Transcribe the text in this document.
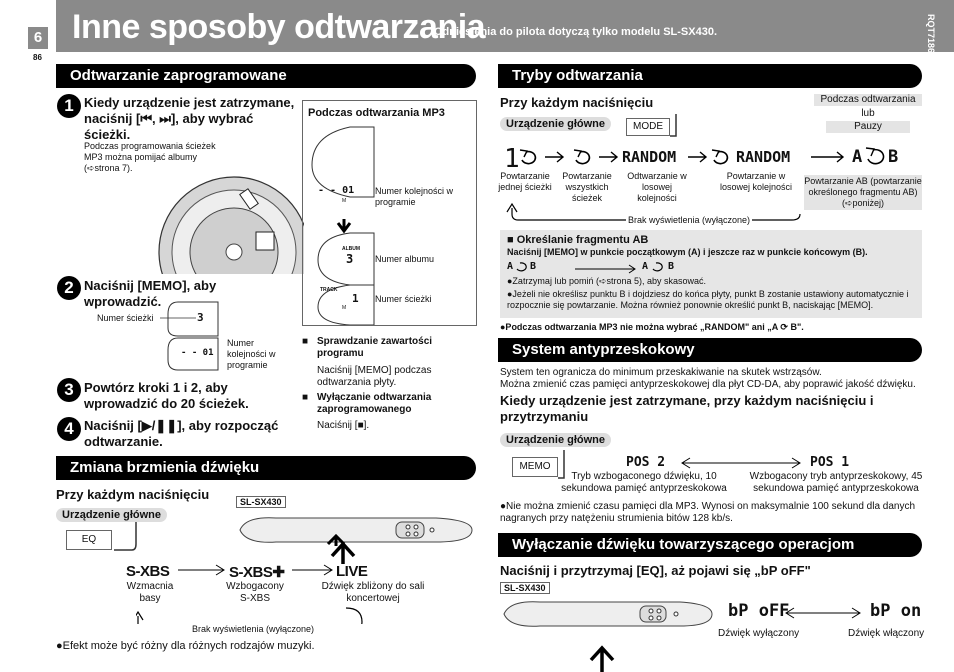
6
86
Inne sposoby odtwarzania
Odniesienia do pilota dotyczą tylko modelu SL-SX430.	RQT7186
Odtwarzanie zaprogramowane
1 Kiedy urządzenie jest zatrzymane, naciśnij [⏮, ⏭], aby wybrać ścieżki.
Podczas programowania ścieżek MP3 można pomijać albumy (➪strona 7).
2 Naciśnij [MEMO], aby wprowadzić.
Numer ścieżki	3
- - 01
Numer kolejności w programie
3 Powtórz kroki 1 i 2, aby wprowadzić do 20 ścieżek.
4 Naciśnij [▶/❚❚], aby rozpocząć odtwarzanie.
Podczas odtwarzania MP3
- - 01
M
Numer kolejności w programie
ALBUM
3 Numer albumu
TRACK
1 Numer ścieżki
M
■ Sprawdzanie zawartości programu
Naciśnij [MEMO] podczas odtwarzania płyty.
■ Wyłączanie odtwarzania zaprogramowanego
Naciśnij [■].
Zmiana brzmienia dźwięku
Przy każdym naciśnięciu
Urządzenie główne
SL-SX430
EQ
S-XBS	S-XBS✚	LIVE
Wzmacnia basy
Wzbogacony S-XBS
Dźwięk zbliżony do sali koncertowej
Brak wyświetlenia (wyłączone)
●Efekt może być różny dla różnych rodzajów muzyki.
Tryby odtwarzania
Przy każdym naciśnięciu
Urządzenie główne	MODE
Podczas odtwarzania
lub
Pauzy
1	RANDOM	RANDOM	A B
Powtarzanie jednej ścieżki
Powtarzanie wszystkich ścieżek
Odtwarzanie w losowej kolejności
Powtarzanie w losowej kolejności
Powtarzanie AB (powtarzanie określonego fragmentu AB) (➪poniżej)
Brak wyświetlenia (wyłączone)
■ Określanie fragmentu AB
Naciśnij [MEMO] w punkcie początkowym (A) i jeszcze raz w punkcie końcowym (B).
A B	A B
●Zatrzymaj lub pomiń (➪strona 5), aby skasować.
●Jeżeli nie określisz punktu B i dojdziesz do końca płyty, punkt B zostanie ustawiony automatycznie i rozpocznie się powtarzanie. Można również ponownie określić punkt B, naciskając [MEMO].
●Podczas odtwarzania MP3 nie można wybrać „RANDOM" ani „A ⟳ B".
System antyprzeskokowy
System ten ogranicza do minimum przeskakiwanie na skutek wstrząsów.
Można zmienić czas pamięci antyprzeskokowej dla płyt CD-DA, aby poprawić jakość dźwięku.
Kiedy urządzenie jest zatrzymane, przy każdym naciśnięciu i przytrzymaniu
Urządzenie główne
MEMO	POS 2	POS 1
Tryb wzbogaconego dźwięku, 10 sekundowa pamięć antyprzeskokowa
Wzbogacony tryb antyprzeskokowy, 45 sekundowa pamięć antyprzeskokowa
●Nie można zmienić czasu pamięci dla MP3. Wynosi on maksymalnie 100 sekund dla danych nagranych przy natężeniu strumienia bitów 128 kb/s.
Wyłączanie dźwięku towarzyszącego operacjom
Naciśnij i przytrzymaj [EQ], aż pojawi się „bP oFF"
SL-SX430
bP oFF	bP on
Dźwięk wyłączony	Dźwięk włączony
